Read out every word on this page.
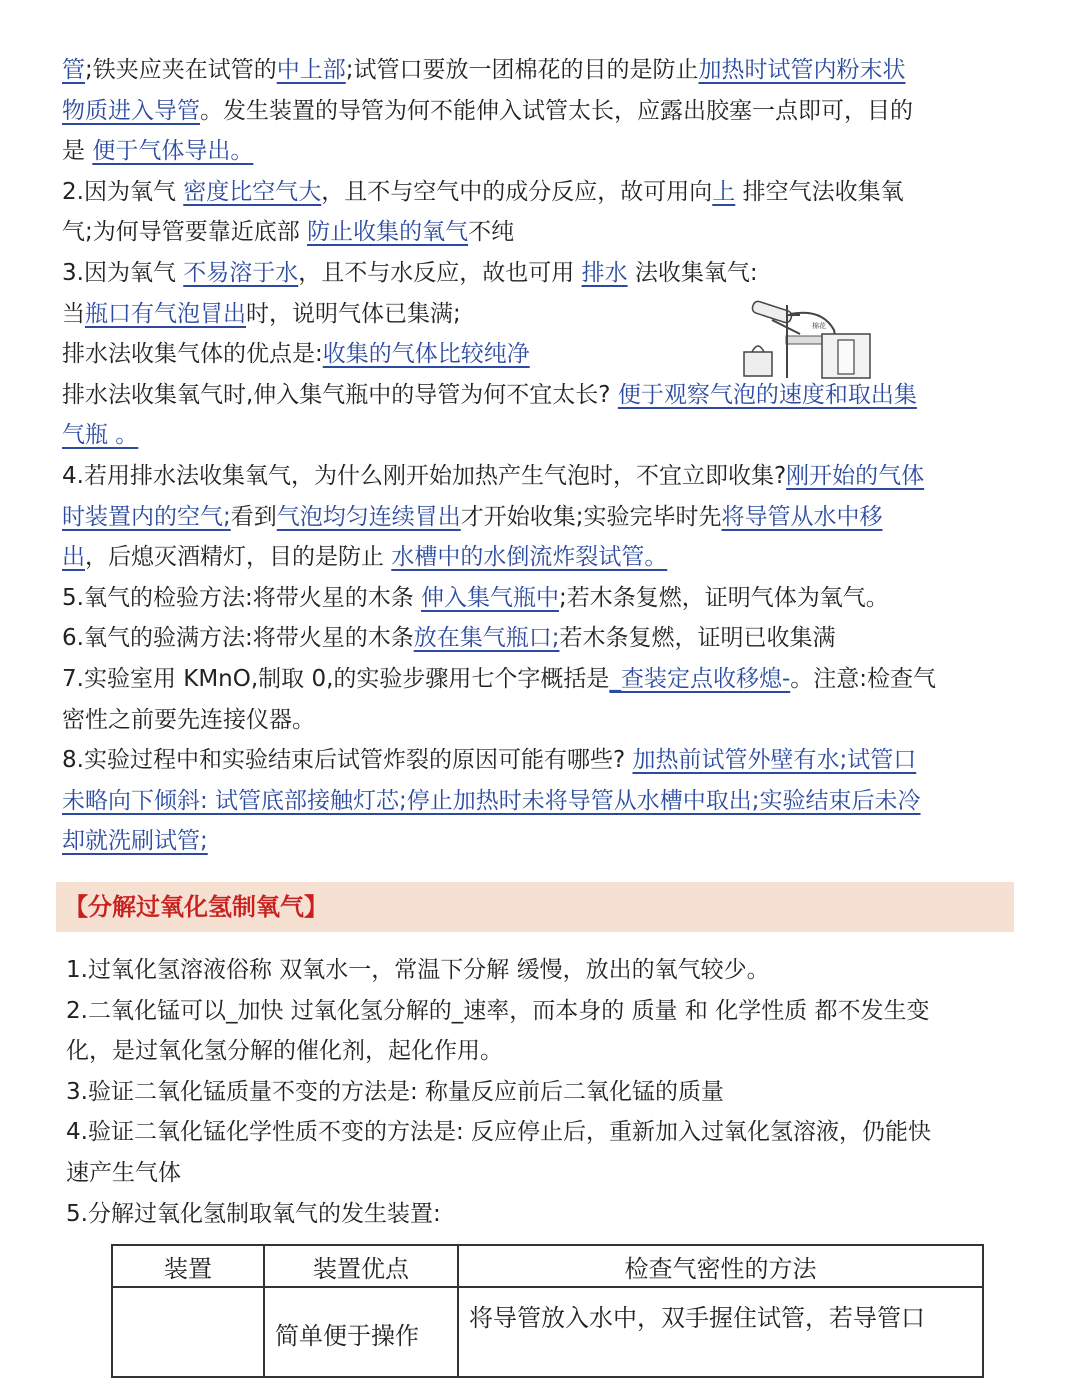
管;铁夹应夹在试管的中上部;试管口要放一团棉花的目的是防止加热时试管内粉末状
物质进入导管。发生装置的导管为何不能伸入试管太长，应露出胶塞一点即可，目的
是 便于气体导出。
2.因为氧气 密度比空气大，且不与空气中的成分反应，故可用向上 排空气法收集氧
气;为何导管要靠近底部 防止收集的氧气不纯
3.因为氧气 不易溶于水，且不与水反应，故也可用 排水 法收集氧气:
当瓶口有气泡冒出时，说明气体已集满;
排水法收集气体的优点是:收集的气体比较纯净
排水法收集氧气时,伸入集气瓶中的导管为何不宜太长? 便于观察气泡的速度和取出集
气瓶 。
4.若用排水法收集氧气，为什么刚开始加热产生气泡时，不宜立即收集?刚开始的气体
时装置内的空气;看到气泡均匀连续冒出才开始收集;实验完毕时先将导管从水中移
出，后熄灭酒精灯，目的是防止 水槽中的水倒流炸裂试管。
5.氧气的检验方法:将带火星的木条 伸入集气瓶中;若木条复燃，证明气体为氧气。
6.氧气的验满方法:将带火星的木条放在集气瓶口;若木条复燃，证明已收集满
7.实验室用 KMnO,制取 0,的实验步骤用七个字概括是_查装定点收移熄-。注意:检查气
密性之前要先连接仪器。
8.实验过程中和实验结束后试管炸裂的原因可能有哪些? 加热前试管外壁有水;试管口
未略向下倾斜: 试管底部接触灯芯;停止加热时未将导管从水槽中取出;实验结束后未冷
却就洗刷试管;
棉花
【分解过氧化氢制氧气】
1.过氧化氢溶液俗称 双氧水一，常温下分解 缓慢，放出的氧气较少。
2.二氧化锰可以_加快 过氧化氢分解的_速率，而本身的 质量 和 化学性质 都不发生变
化，是过氧化氢分解的催化剂，起化作用。
3.验证二氧化锰质量不变的方法是: 称量反应前后二氧化锰的质量
4.验证二氧化锰化学性质不变的方法是: 反应停止后，重新加入过氧化氢溶液，仍能快
速产生气体
5.分解过氧化氢制取氧气的发生装置:
装置	装置优点	检查气密性的方法
	简单便于操作	将导管放入水中，双手握住试管，若导管口
